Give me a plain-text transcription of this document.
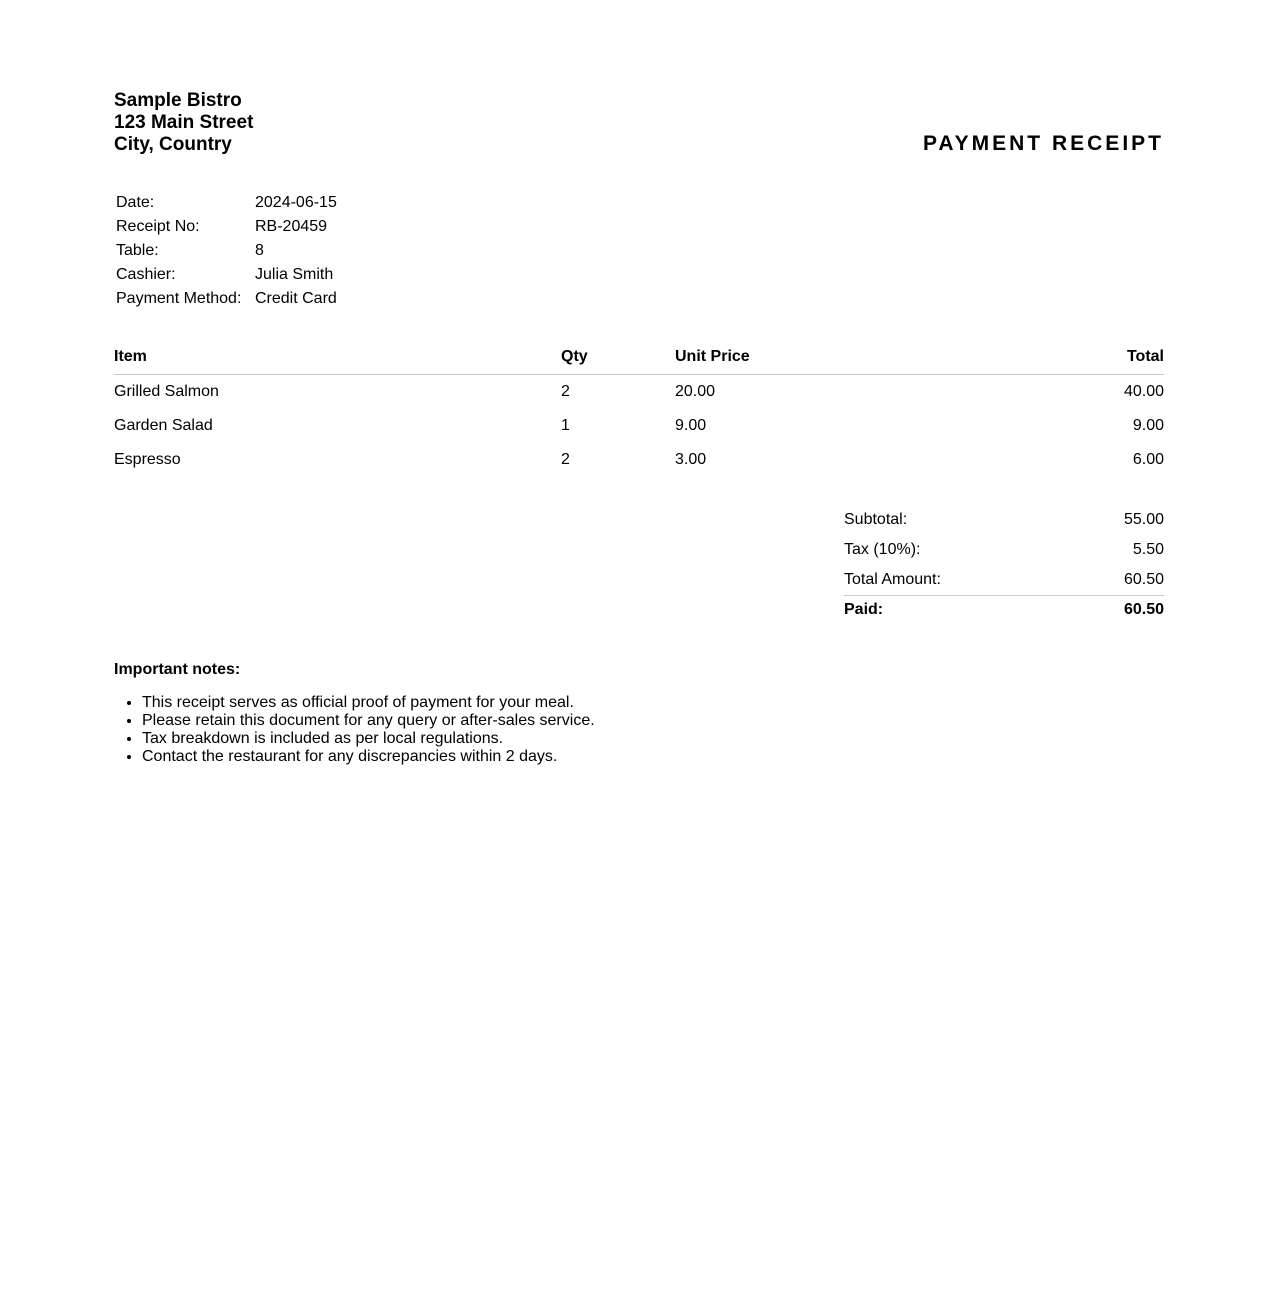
Sample Bistro
123 Main Street
City, Country	PAYMENT RECEIPT
Date:	2024-06-15
Receipt No:	RB-20459
Table:	8
Cashier:	Julia Smith
Payment Method:	Credit Card
Item	Qty	Unit Price	Total
Grilled Salmon	2	20.00	40.00
Garden Salad	1	9.00	9.00
Espresso	2	3.00	6.00
Subtotal:	55.00
Tax (10%):	5.50
Total Amount:	60.50
Paid:	60.50
Important notes:
• This receipt serves as official proof of payment for your meal.
• Please retain this document for any query or after-sales service.
• Tax breakdown is included as per local regulations.
• Contact the restaurant for any discrepancies within 2 days.
